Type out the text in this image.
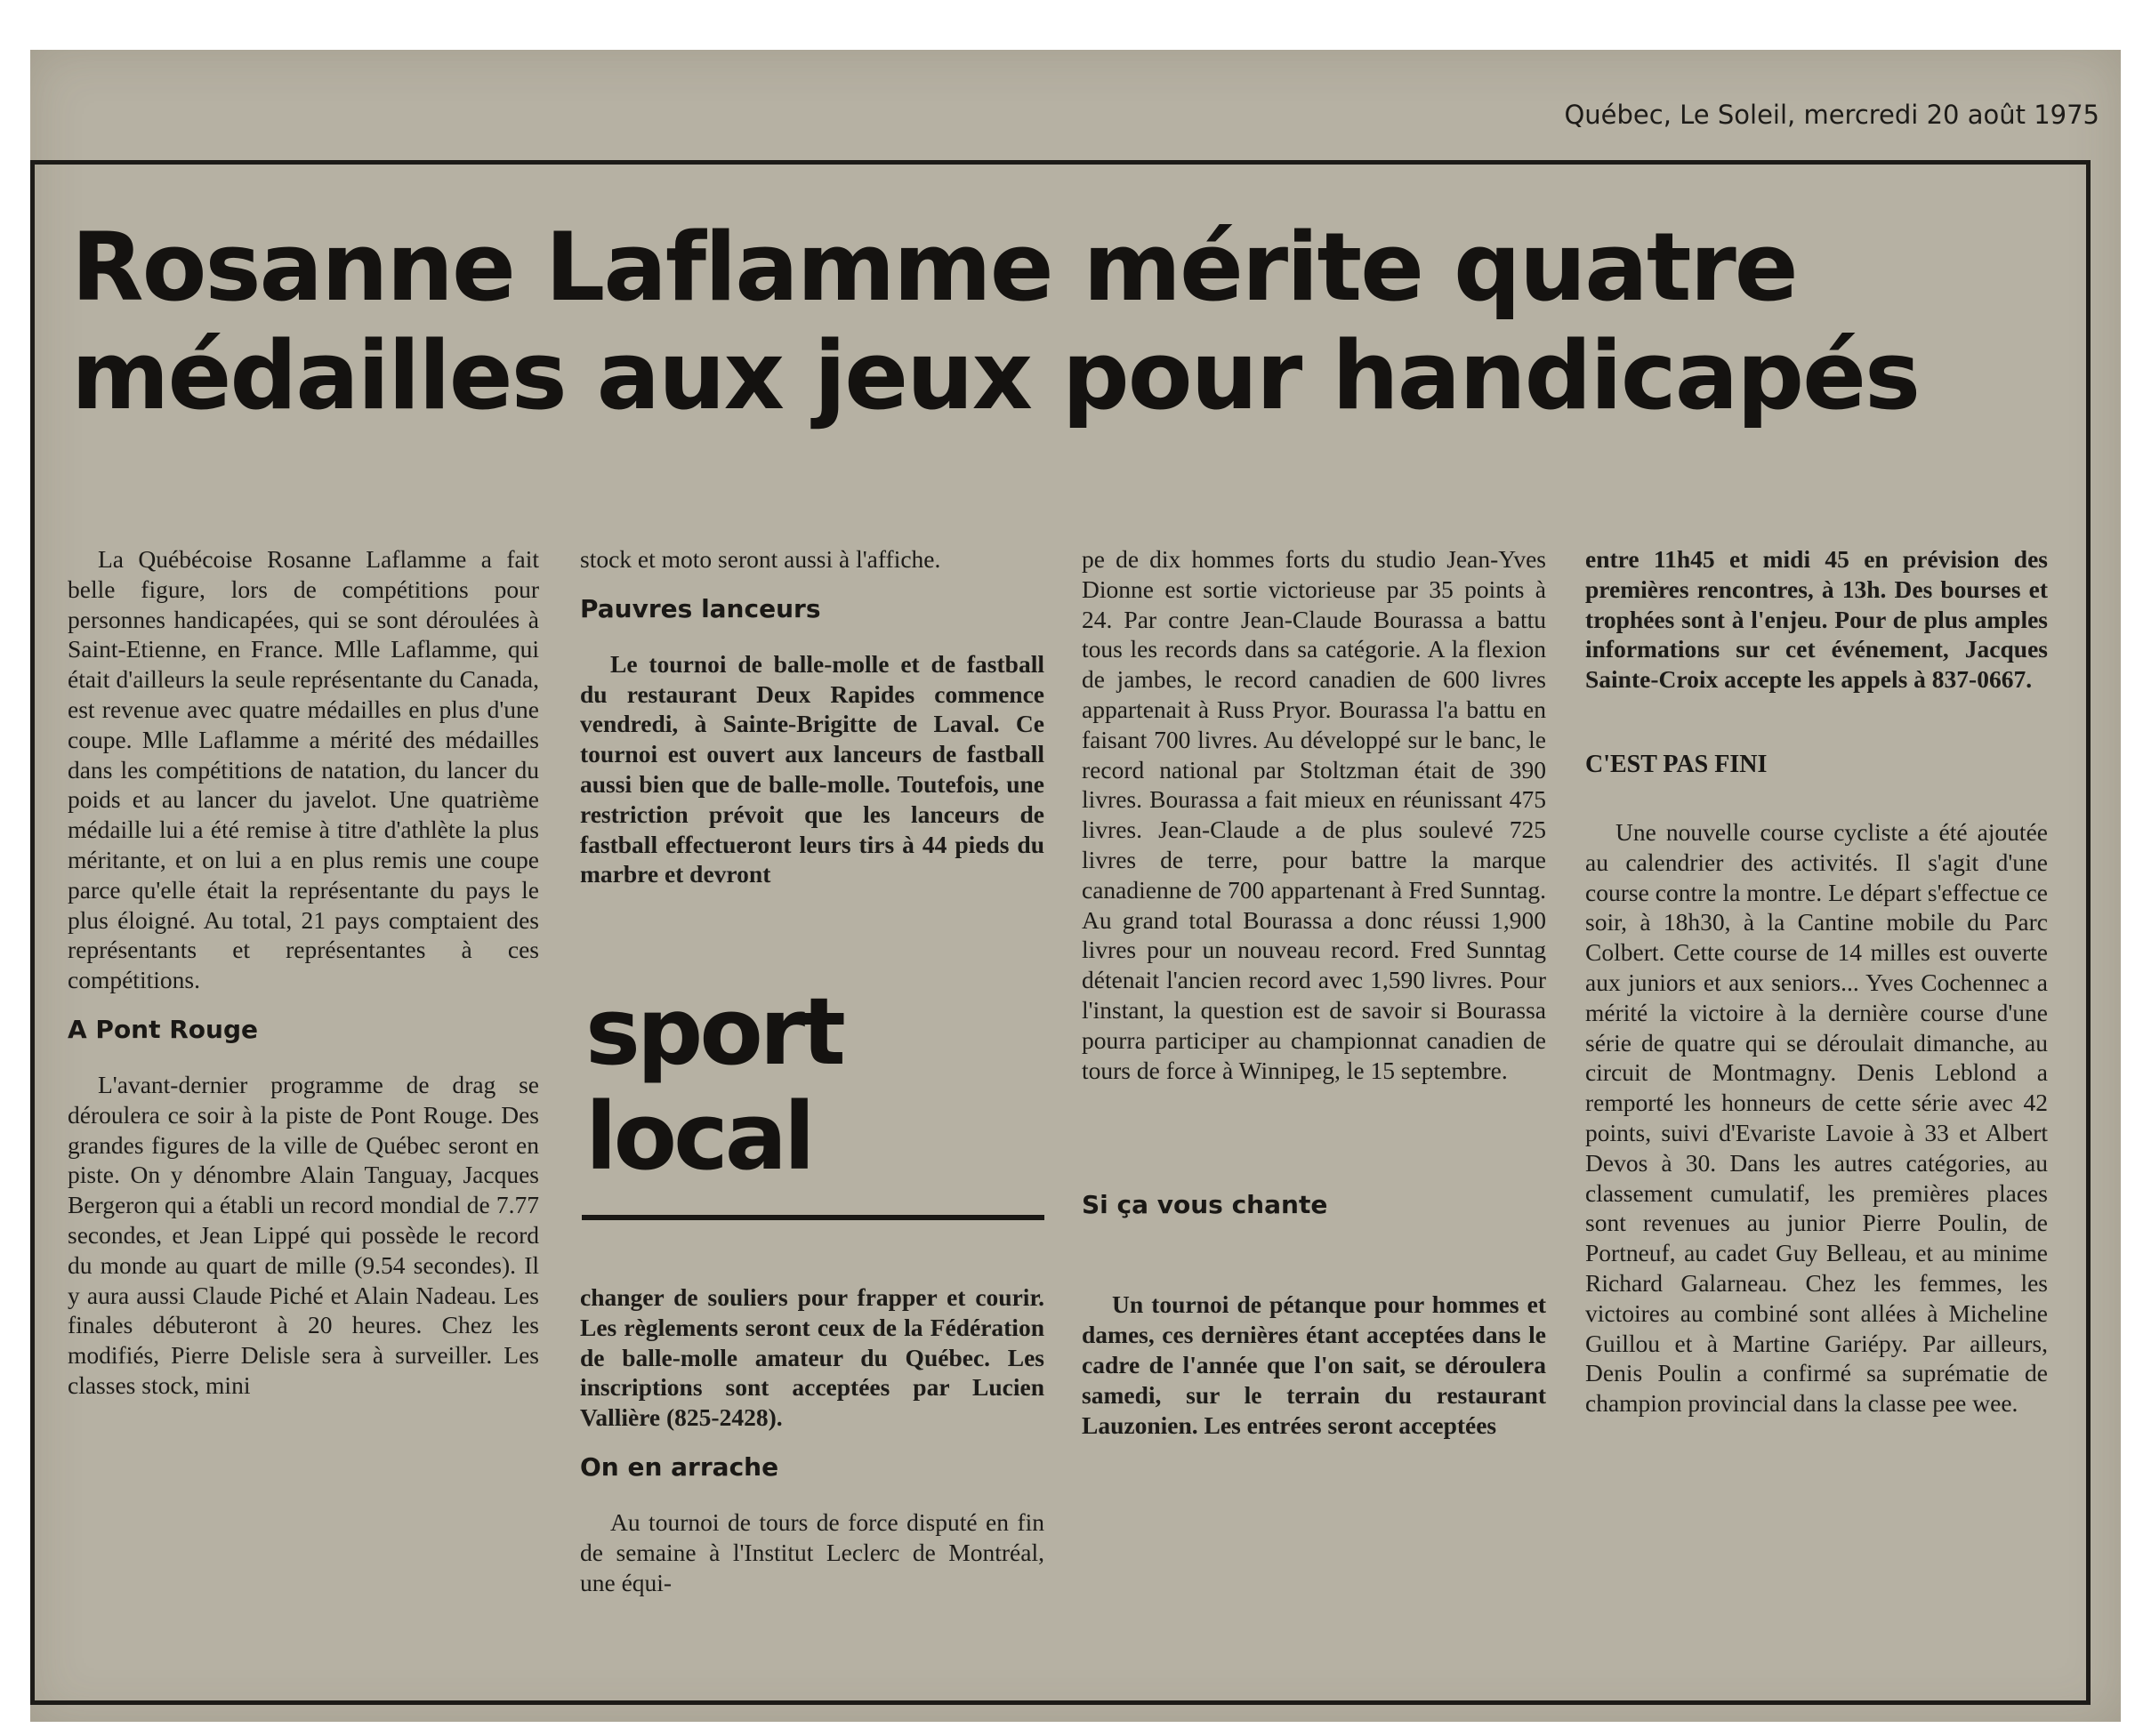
Québec, Le Soleil, mercredi 20 août 1975
Rosanne Laflamme mérite quatre
médailles aux jeux pour handicapés

La Québécoise Rosanne Laflamme a fait belle figure, lors de compétitions pour personnes handicapées, qui se sont déroulées à Saint-Etienne, en France. Mlle Laflamme, qui était d'ailleurs la seule représentante du Canada, est revenue avec quatre médailles en plus d'une coupe. Mlle Laflamme a mérité des médailles dans les compétitions de natation, du lancer du poids et au lancer du javelot. Une quatrième médaille lui a été remise à titre d'athlète la plus méritante, et on lui a en plus remis une coupe parce qu'elle était la représentante du pays le plus éloigné. Au total, 21 pays comptaient des représentants et représentantes à ces compétitions.

A Pont Rouge

L'avant-dernier programme de drag se déroulera ce soir à la piste de Pont Rouge. Des grandes figures de la ville de Québec seront en piste. On y dénombre Alain Tanguay, Jacques Bergeron qui a établi un record mondial de 7.77 secondes, et Jean Lippé qui possède le record du monde au quart de mille (9.54 secondes). Il y aura aussi Claude Piché et Alain Nadeau. Les finales débuteront à 20 heures. Chez les modifiés, Pierre Delisle sera à surveiller. Les classes stock, mini

stock et moto seront aussi à l'affiche.

Pauvres lanceurs

Le tournoi de balle-molle et de fastball du restaurant Deux Rapides commence vendredi, à Sainte-Brigitte de Laval. Ce tournoi est ouvert aux lanceurs de fastball aussi bien que de balle-molle. Toutefois, une restriction prévoit que les lanceurs de fastball effectueront leurs tirs à 44 pieds du marbre et devront

changer de souliers pour frapper et courir. Les règlements seront ceux de la Fédération de balle-molle amateur du Québec. Les inscriptions sont acceptées par Lucien Vallière (825-2428).

On en arrache

Au tournoi de tours de force disputé en fin de semaine à l'Institut Leclerc de Montréal, une équi-

sport
local

pe de dix hommes forts du studio Jean-Yves Dionne est sortie victorieuse par 35 points à 24. Par contre Jean-Claude Bourassa a battu tous les records dans sa catégorie. A la flexion de jambes, le record canadien de 600 livres appartenait à Russ Pryor. Bourassa l'a battu en faisant 700 livres. Au développé sur le banc, le record national par Stoltzman était de 390 livres. Bourassa a fait mieux en réunissant 475 livres. Jean-Claude a de plus soulevé 725 livres de terre, pour battre la marque canadienne de 700 appartenant à Fred Sunntag. Au grand total Bourassa a donc réussi 1,900 livres pour un nouveau record. Fred Sunntag détenait l'ancien record avec 1,590 livres. Pour l'instant, la question est de savoir si Bourassa pourra participer au championnat canadien de tours de force à Winnipeg, le 15 septembre.

Si ça vous chante

Un tournoi de pétanque pour hommes et dames, ces dernières étant acceptées dans le cadre de l'année que l'on sait, se déroulera samedi, sur le terrain du restaurant Lauzonien. Les entrées seront acceptées

entre 11h45 et midi 45 en prévision des premières rencontres, à 13h. Des bourses et trophées sont à l'enjeu. Pour de plus amples informations sur cet événement, Jacques Sainte-Croix accepte les appels à 837-0667.

C'EST PAS FINI

Une nouvelle course cycliste a été ajoutée au calendrier des activités. Il s'agit d'une course contre la montre. Le départ s'effectue ce soir, à 18h30, à la Cantine mobile du Parc Colbert. Cette course de 14 milles est ouverte aux juniors et aux seniors... Yves Cochennec a mérité la victoire à la dernière course d'une série de quatre qui se déroulait dimanche, au circuit de Montmagny. Denis Leblond a remporté les honneurs de cette série avec 42 points, suivi d'Evariste Lavoie à 33 et Albert Devos à 30. Dans les autres catégories, au classement cumulatif, les premières places sont revenues au junior Pierre Poulin, de Portneuf, au cadet Guy Belleau, et au minime Richard Galarneau. Chez les femmes, les victoires au combiné sont allées à Micheline Guillou et à Martine Gariépy. Par ailleurs, Denis Poulin a confirmé sa suprématie de champion provincial dans la classe pee wee.
